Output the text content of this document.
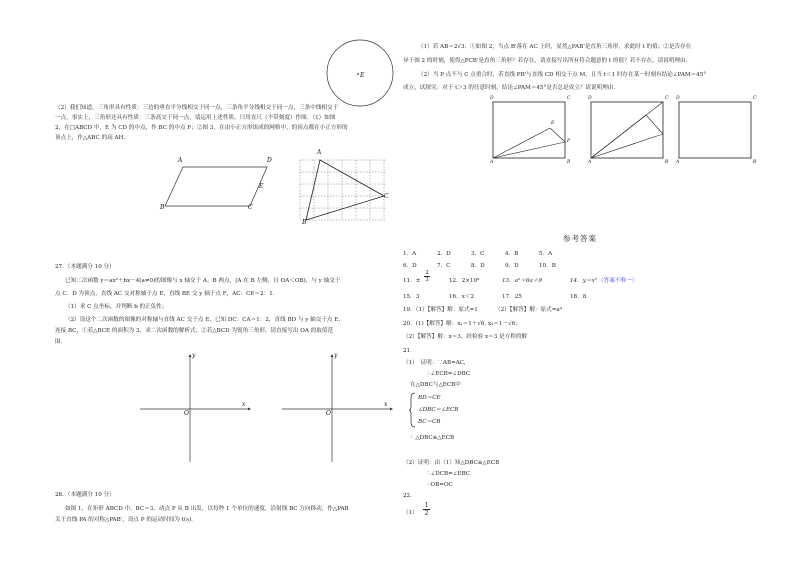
E
（2）我们知道，三角形具有性质：三边的垂直平分线相交于同一点，三条角平分线相交于同一点，三条中线相交于
一点，事实上，三角形还具有性质：三条高交于同一点，请运用上述性质，只用直尺（不带刻度）作图．（1）如图
2，在□ABCD 中，E 为 CD 的中点，作 BC 的中点 F；②图 3，在由小正方形组成的网格中，的顶点都在小正方形的
顶点上，作△ABC 的高 AH．
A	D
E
B	C
A
C
B
27．（本题满分 10 分）
已知二次函数 y＝ax²＋bx－4(a≠0)的图像与 x 轴交于 A、B 两点，(A 在 B 左侧，且 OA＜OB)，与 y 轴交于
点 C．D 为顶点，直线 AC 交对称轴于点 E，直线 BE 交 y 轴于点 F，AC：CE＝2：1．
（1）求 C 点坐标，并判断 b 的正负性；
（2）设这个二次函数的图像的对称轴与直线 AC 交于点 E，已知 DC：CA＝1：2，直线 BD 与 y 轴交于点 E，
连接 BC，①若△BCE 的面积为 3，求二次函数的解析式；②若△BCD 为锐角三角形，请直接写出 OA 的取值范
围．
y
x
O
y
x
O
28．（本题满分 10 分）
如图 1，在矩形 ABCD 中，BC＝3，动点 P 从 B 出发，以每秒 1 个单位的速度，沿射线 BC 方向移动，作△PAB
关于直线 PA 的对称△PAB'，设点 P 的运动时间为 t(s)．
（1）若 AB＝2√3．①如图 2，当点 B'落在 AC 上时，显然△PAB'是直角三角形，求此时 t 的值；②是否存在
异于图 2 的时刻，使得△PCB'是直角三角形？若存在，请直接写出所有符合题意的 t 的值？若不存在，请说明理由．
（2）当 P 点不与 C 点重合时，若直线 PB'与直线 CD 相交于点 M，且当 t＜1 时存在某一时刻有结论∠PAM＝45°
成立，试探究：对于 t＞3 的任意时刻，结论∠PAM＝45°是否总是成立？请说明理由．
D	C
E
P
A	B
D	C
A	B
D	C
A	B
参考答案
1．A	2．D	3．C	4．B	5．A
6．D	7．C	8．D	9．D	10．B
11．± $\frac{2}{3}$	12．2×10⁸	13．a²＋6a＋9	14．y＝x² （答案不唯一）
15．3	16．x＜2	17．25	18．8
19．（1）【解答】解：原式=1	（2）【解答】解：原式=a⁴
20．(1)【解答】解：x₁＝1＋√6, x₂＝1－√6；
（2）【解答】解：x＝3，经检验 x＝3 是方程的解
21．
（1）　证明：∵AB=AC,
∴∠ECB=∠DBC
在△DBC与△ECB中
BD＝CE
∠DBC＝∠ECB
BC＝CB
∴ △DBC≌△ECB
（2）证明：由（1）知△DBC≌△ECB
∴∠DCB=∠EBC
∴OB=OC
22．
$(1) \frac{1}{2}$
